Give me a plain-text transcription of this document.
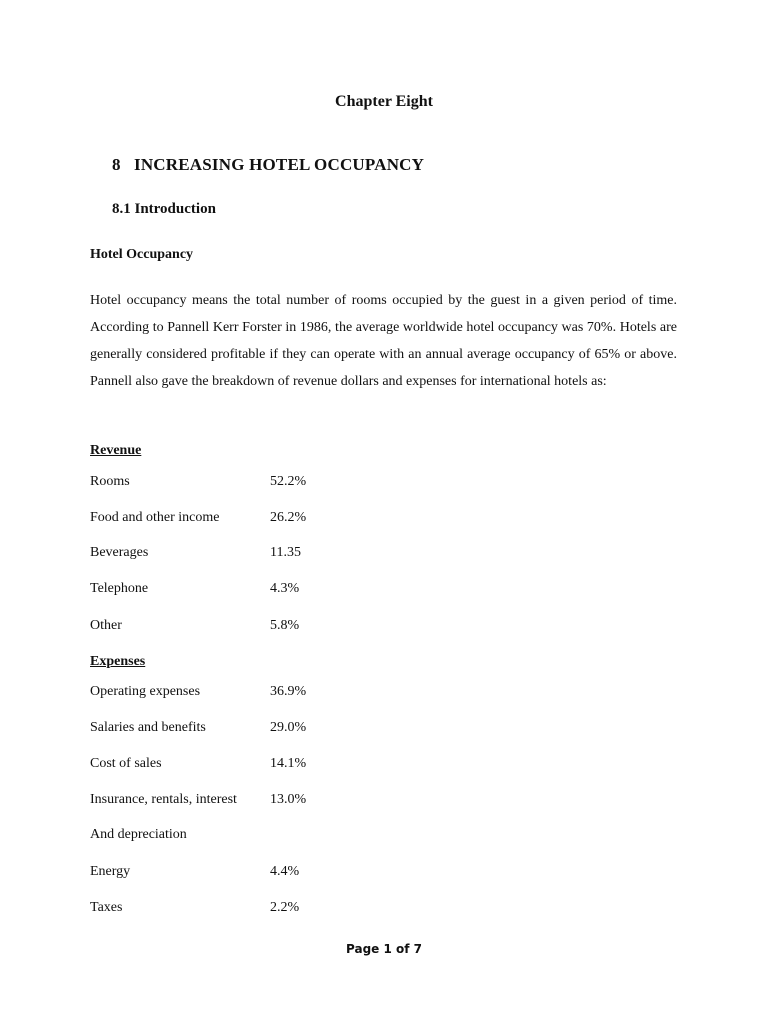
Chapter Eight
8 INCREASING HOTEL OCCUPANCY
8.1 Introduction
Hotel Occupancy

Hotel occupancy means the total number of rooms occupied by the guest in a given period of time. According to Pannell Kerr Forster in 1986, the average worldwide hotel occupancy was 70%. Hotels are generally considered profitable if they can operate with an annual average occupancy of 65% or above. Pannell also gave the breakdown of revenue dollars and expenses for international hotels as:

Revenue
Rooms	52.2%
Food and other income	26.2%
Beverages	11.35
Telephone	4.3%
Other	5.8%
Expenses
Operating expenses	36.9%
Salaries and benefits	29.0%
Cost of sales	14.1%
Insurance, rentals, interest 13.0%
And depreciation
Energy	4.4%
Taxes	2.2%
Page 1 of 7
